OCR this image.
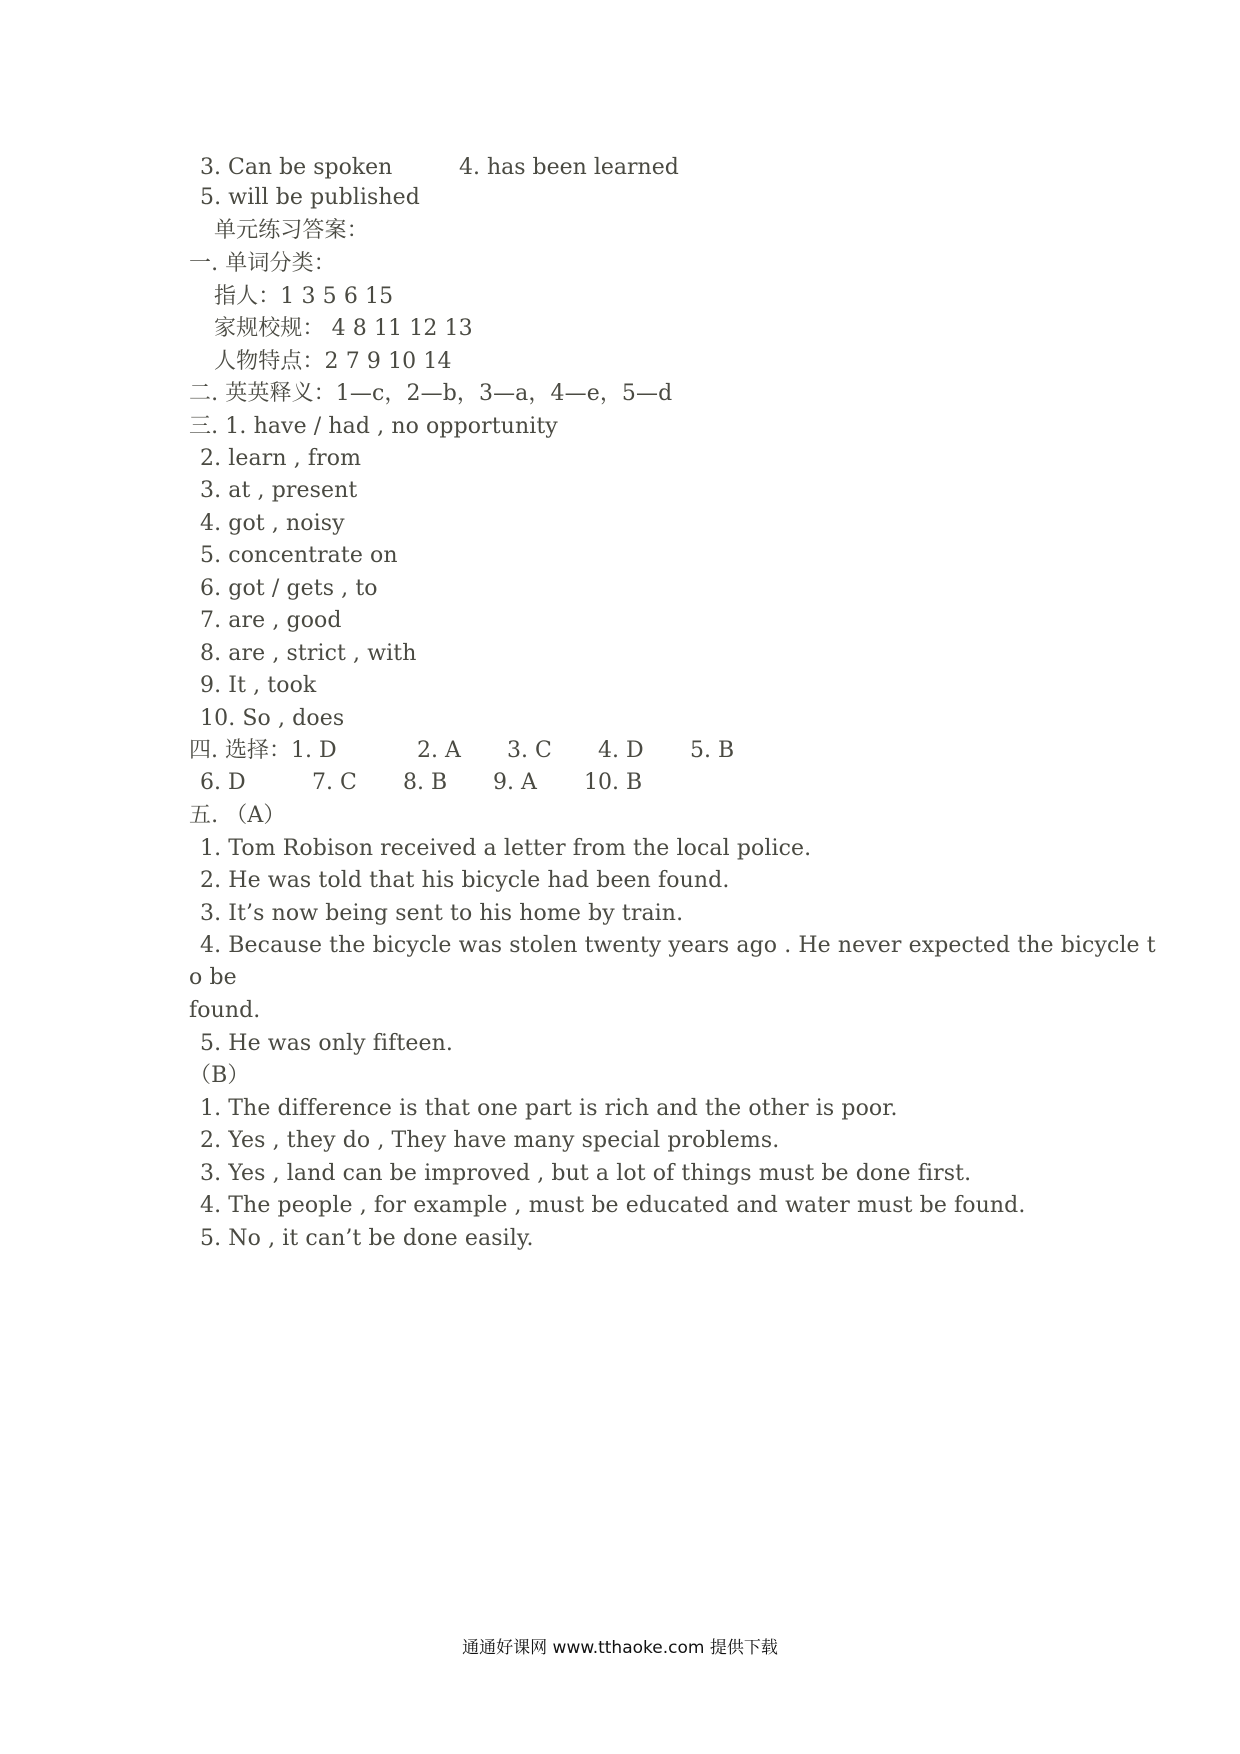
3. Can be spoken	4. has been learned
5. will be published
单元练习答案：
一. 单词分类：
指人：1 3 5 6 15
家规校规： 4 8 11 12 13
人物特点：2 7 9 10 14
二. 英英释义：1—c，2—b，3—a，4—e，5—d
三. 1. have / had , no opportunity
2. learn , from
3. at , present
4. got , noisy
5. concentrate on
6. got / gets , to
7. are , good
8. are , strict , with
9. It , took
10. So , does
四. 选择：1. D	2. A 3. C 4. D 5. B
6. D	7. C 8. B 9. A 10. B
五. （A）
1. Tom Robison received a letter from the local police.
2. He was told that his bicycle had been found.
3. It’s now being sent to his home by train.
4. Because the bicycle was stolen twenty years ago . He never expected the bicycle t
o be
found.
5. He was only fifteen.
（B）
1. The difference is that one part is rich and the other is poor.
2. Yes , they do , They have many special problems.
3. Yes , land can be improved , but a lot of things must be done first.
4. The people , for example , must be educated and water must be found.
5. No , it can’t be done easily.
通通好课网 www.tthaoke.com 提供下载
